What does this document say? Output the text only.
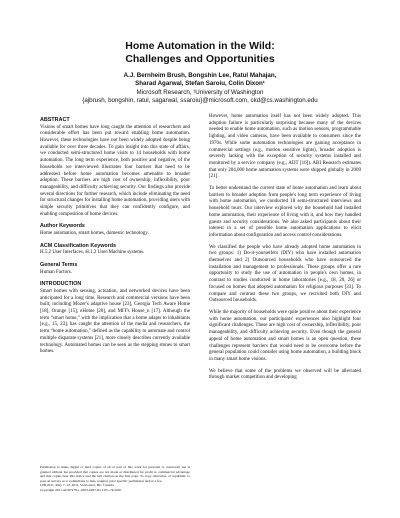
Home Automation in the Wild:
Challenges and Opportunities
A.J. Bernheim Brush, Bongshin Lee, Ratul Mahajan,
Sharad Agarwal, Stefan Saroiu, Colin Dixon¹
Microsoft Research, ¹University of Washington
{ajbrush, bongshin, ratul, sagarwal, ssaroiu}@microsoft.com, ckd@cs.washington.edu
ABSTRACT

Visions of smart homes have long caught the attention of researchers and considerable effort has been put toward enabling home automation. However, these technologies have not been widely adopted despite being available for over three decades. To gain insight into this state of affairs, we conducted semi-structured home visits to 14 households with home automation. The long term experience, both positive and negative, of the households we interviewed illustrates four barriers that need to be addressed before home automation becomes amenable to broader adoption. These barriers are high cost of ownership, inflexibility, poor manageability, and difficulty achieving security. Our findings also provide several directions for further research, which include eliminating the need for structural changes for installing home automation, providing users with simple security primitives that they can confidently configure, and enabling composition of home devices.

Author Keywords

Home automation, smart homes, domestic technology.

ACM Classification Keywords

H.5.2 User Interfaces, H.1.2 User/Machine systems.

General Terms

Human Factors.

INTRODUCTION

Smart homes with sensing, actuation, and networked devices have been anticipated for a long time. Research and commercial versions have been built, including Mozer's adaptive house [23], Georgia Tech Aware Home [18], Orange [15], eHome [20], and MIT's House_n [17]. Although the term “smart home,” with the implication that a home adapts to inhabitants [e.g., 15, 23], has caught the attention of the media and researchers, the term “home automation,” defined as the capability to automate and control multiple disparate systems [21], more closely describes currently available technology. Automated homes can be seen as the stepping stones to smart homes.

Permission to make digital or hard copies of all or part of this work for personal or classroom use is granted without fee provided that copies are not made or distributed for profit or commercial advantage and that copies bear this notice and the full citation on the first page. To copy otherwise, or republish, to post on servers or to redistribute to lists, requires prior specific permission and/or a fee.
CHI 2011, May 7–12, 2011, Vancouver, BC, Canada.
Copyright 2011 ACM 978-1-4503-0267-8/11/05....$10.00.

However, home automation itself has not been widely adopted. This adoption failure is particularly surprising because many of the devices needed to enable home automation, such as motion sensors, programmable lighting, and video cameras, have been available to consumers since the 1970s. While some automation technologies are gaining acceptance in commercial settings (e.g., motion sensitive lights), broader adoption is severely lacking with the exception of security systems installed and monitored by a service company (e.g., ADT [16]). ABI Research estimates that only 204,000 home automation systems were shipped globally in 2009 [21].

To better understand the current state of home automation and learn about barriers to broader adoption from people's long term experience of living with home automation, we conducted 18 semi-structured interviews and household tours. Our interview explored why the household had installed home automation, their experience of living with it, and how they handled guests and security considerations. We also asked participants about their interest in a set of possible home automation applications to elicit information about configuration and access control considerations.

We classified the people who have already adopted home automation in two groups: 1) Do-it-yourselfers (DIY) who have installed automation themselves and 2) Outsourced households who have outsourced the installation and management to professionals. These groups offer a rare opportunity to study the use of automation in people's own homes, in contrast to studies conducted in home laboratories [e.g., 18, 20, 26] or focused on homes that adopted automation for religious purposes [33]. To compare and contrast these two groups, we recruited both DIY and Outsourced households.

While the majority of households were quite positive about their experience with home automation, our participants' experiences also highlight four significant challenges. These are high cost of ownership, inflexibility, poor manageability, and difficulty achieving security. Even though the general appeal of home automation and smart homes is an open question, these challenges represent barriers that would need to be overcome before the general population could consider using home automation, a building block in many smart home visions.

We believe that some of the problems we observed will be alleviated through market competition and developing
